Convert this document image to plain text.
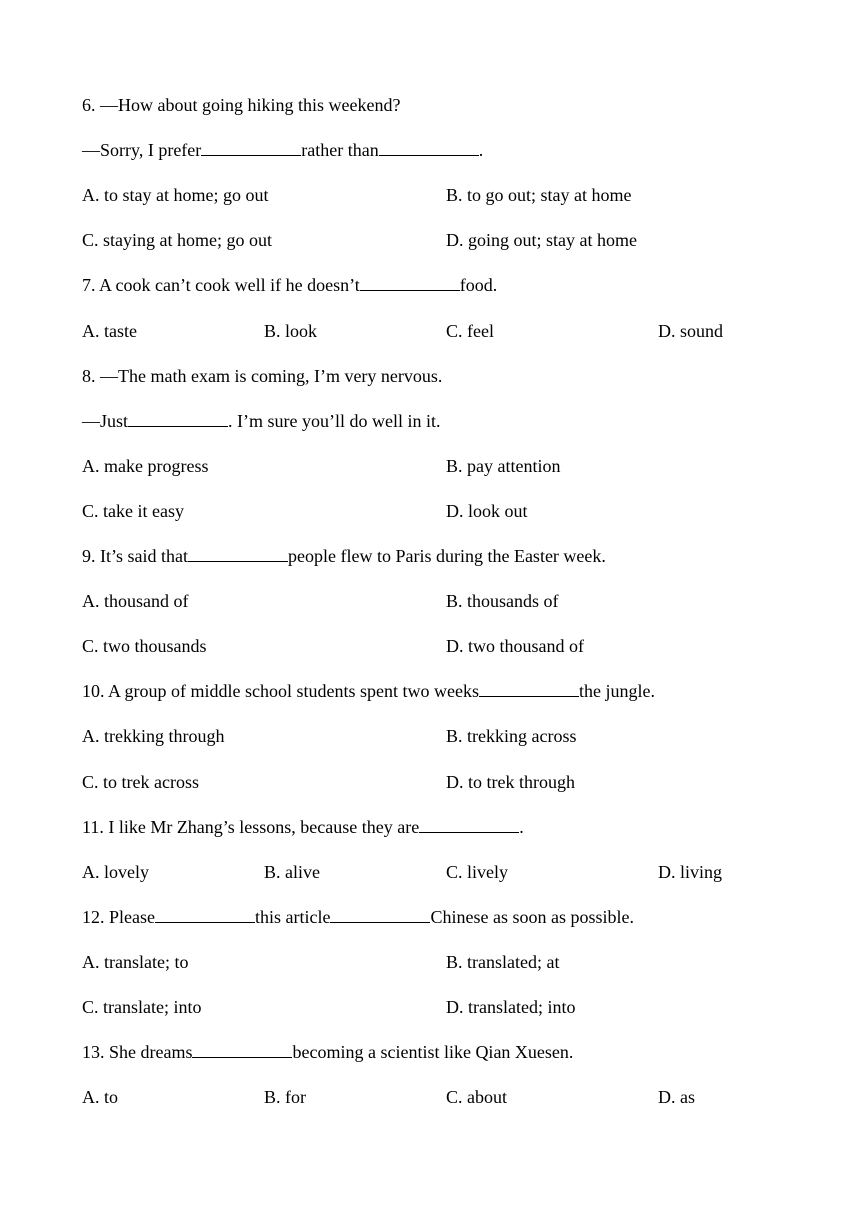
6. —How about going hiking this weekend?
—Sorry, I prefer	rather than	.
A. to stay at home; go out	B. to go out; stay at home
C. staying at home; go out	D. going out; stay at home
7. A cook can’t cook well if he doesn’t	food.
A. taste	B. look	C. feel	D. sound
8. —The math exam is coming, I’m very nervous.
—Just	. I’m sure you’ll do well in it.
A. make progress	B. pay attention
C. take it easy	D. look out
9. It’s said that	people flew to Paris during the Easter week.
A. thousand of	B. thousands of
C. two thousands	D. two thousand of
10. A group of middle school students spent two weeks	the jungle.
A. trekking through	B. trekking across
C. to trek across	D. to trek through
11. I like Mr Zhang’s lessons, because they are	.
A. lovely	B. alive	C. lively	D. living
12. Please	this article	Chinese as soon as possible.
A. translate; to	B. translated; at
C. translate; into	D. translated; into
13. She dreams	becoming a scientist like Qian Xuesen.
A. to	B. for	C. about	D. as
